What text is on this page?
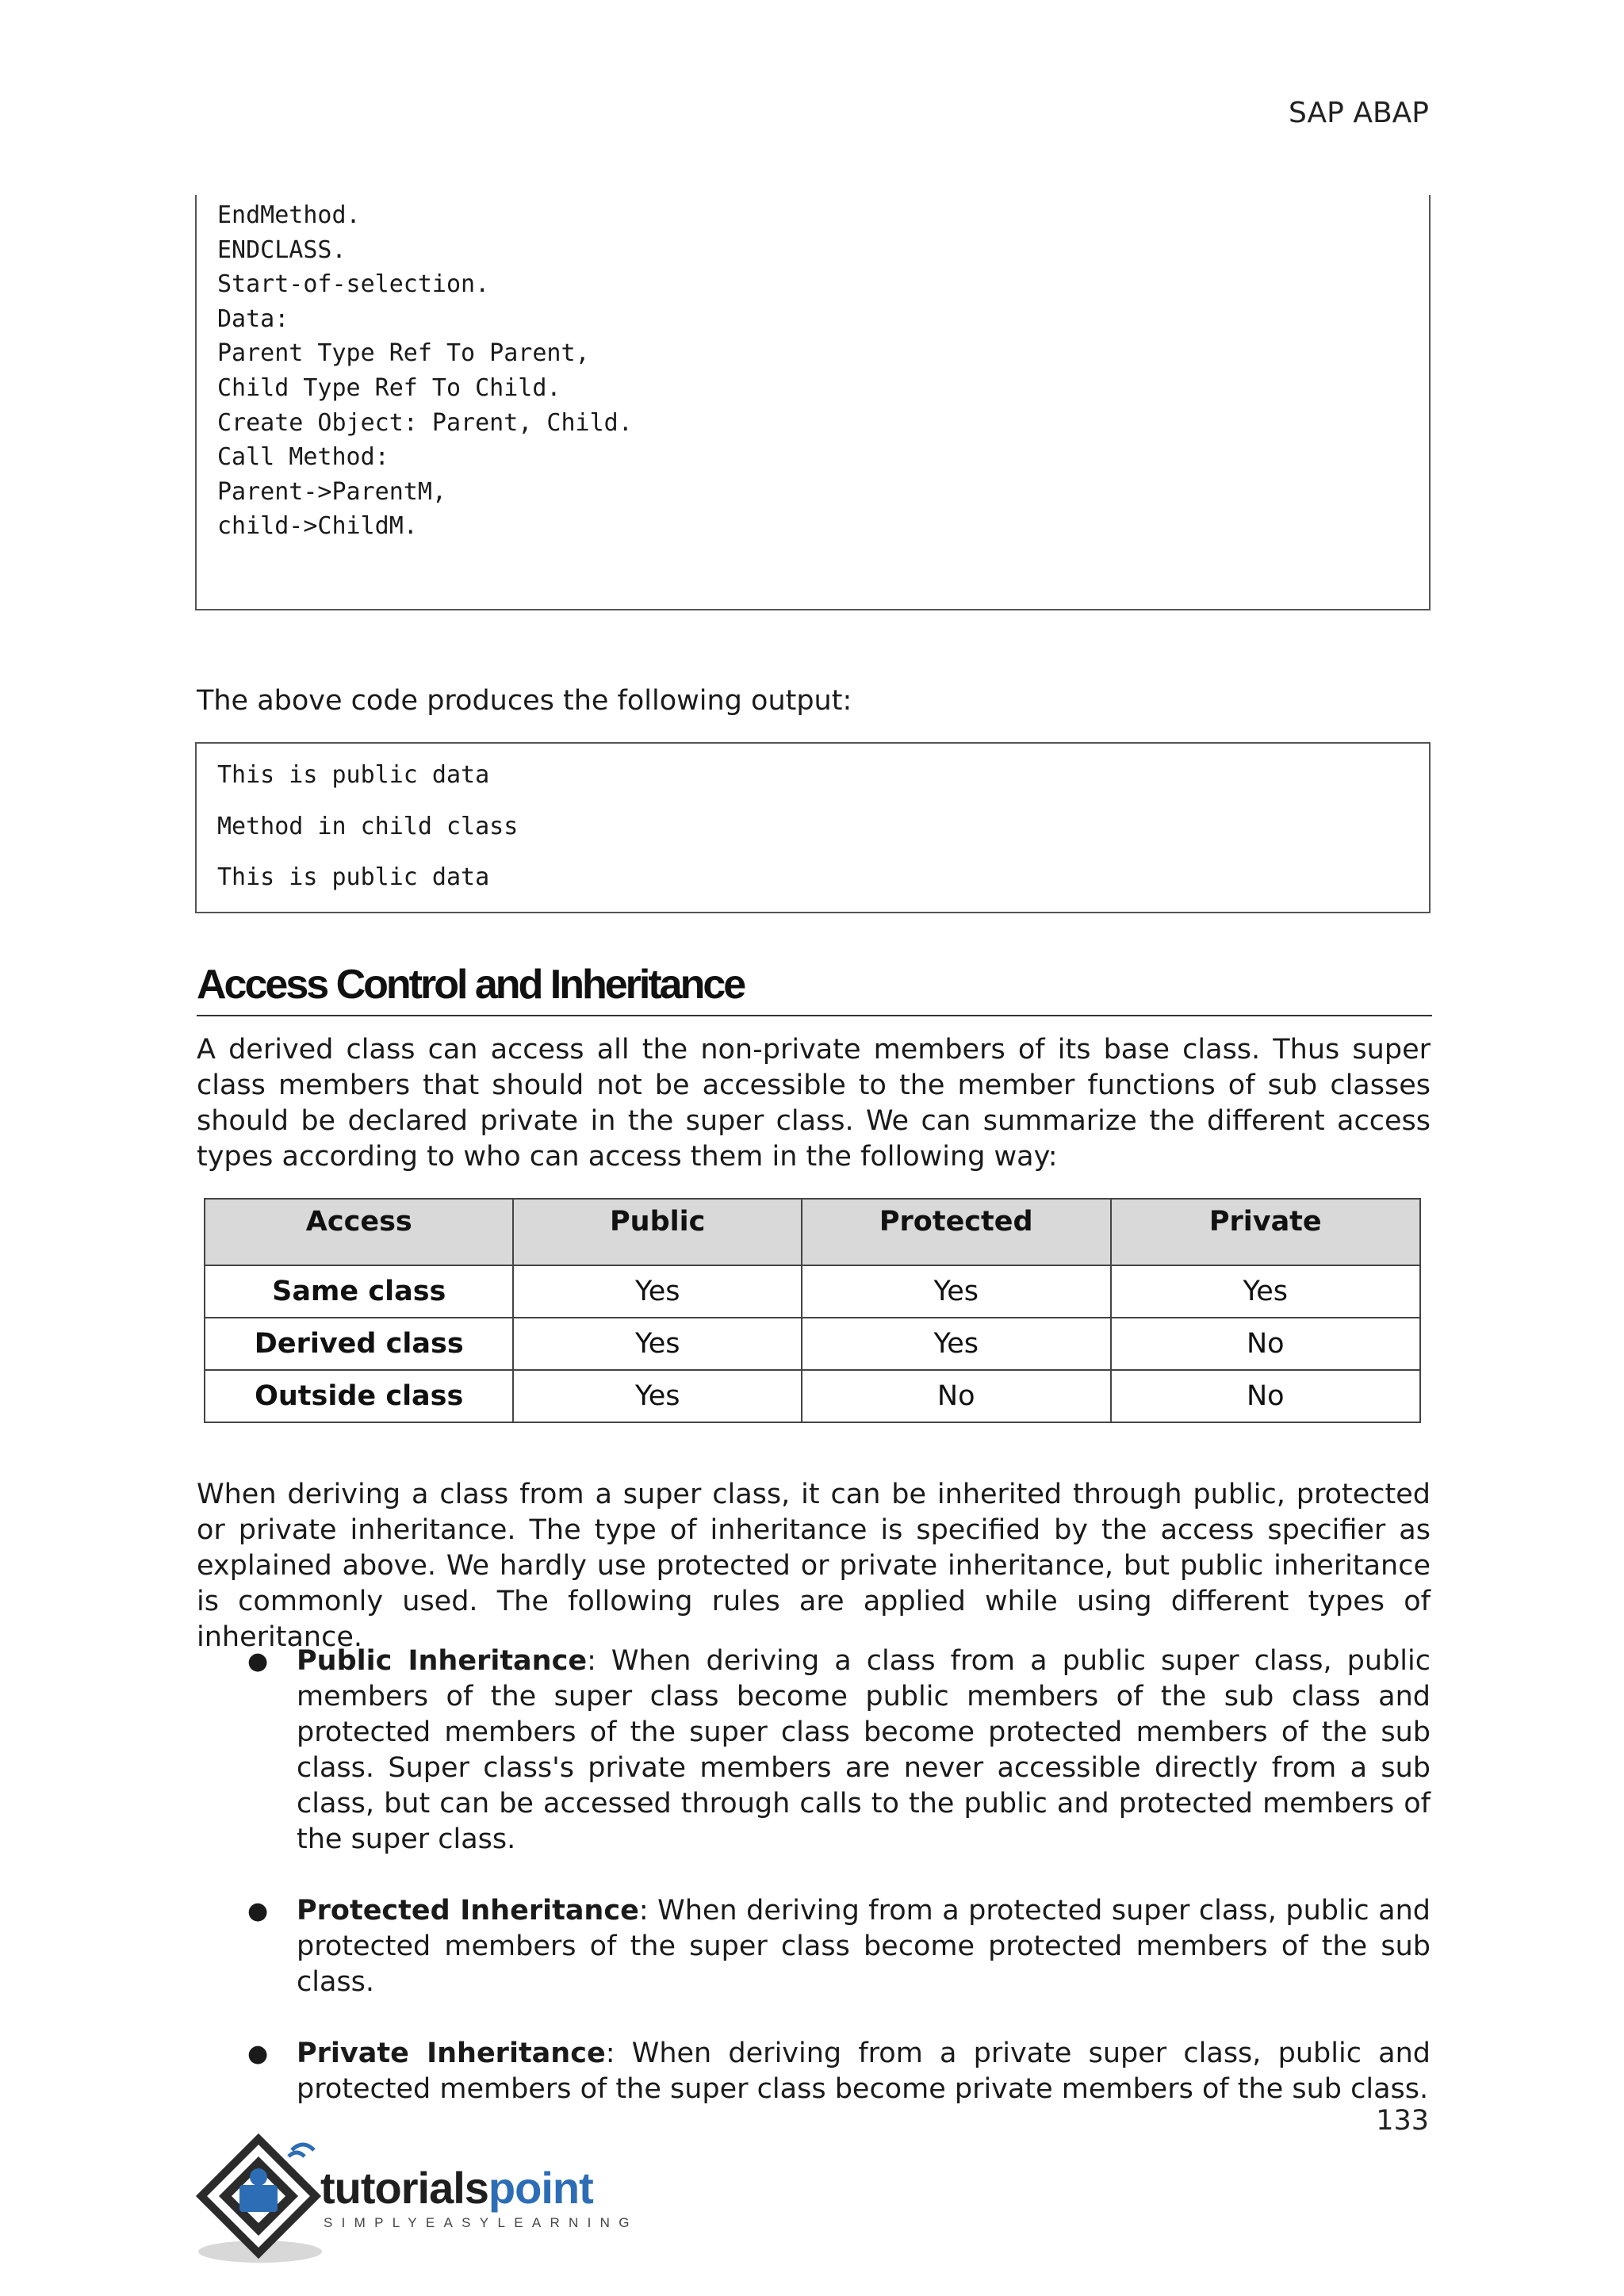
SAP ABAP
EndMethod.
ENDCLASS.
Start-of-selection.
Data:
Parent Type Ref To Parent,
Child Type Ref To Child.
Create Object: Parent, Child.
Call Method:
Parent->ParentM,
child->ChildM.
The above code produces the following output:
This is public data
Method in child class
This is public data
Access Control and Inheritance
A derived class can access all the non-private members of its base class. Thus super class members that should not be accessible to the member functions of sub classes should be declared private in the super class. We can summarize the different access types according to who can access them in the following way:
Access	Public	Protected	Private
Same class	Yes	Yes	Yes
Derived class	Yes	Yes	No
Outside class	Yes	No	No
When deriving a class from a super class, it can be inherited through public, protected or private inheritance. The type of inheritance is specified by the access specifier as explained above. We hardly use protected or private inheritance, but public inheritance is commonly used. The following rules are applied while using different types of inheritance.
● Public Inheritance: When deriving a class from a public super class, public members of the super class become public members of the sub class and protected members of the super class become protected members of the sub class. Super class's private members are never accessible directly from a sub class, but can be accessed through calls to the public and protected members of the super class.
● Protected Inheritance: When deriving from a protected super class, public and protected members of the super class become protected members of the sub class.
● Private Inheritance: When deriving from a private super class, public and protected members of the super class become private members of the sub class.
133
tutorialspoint
SIMPLYEASYLEARNING
